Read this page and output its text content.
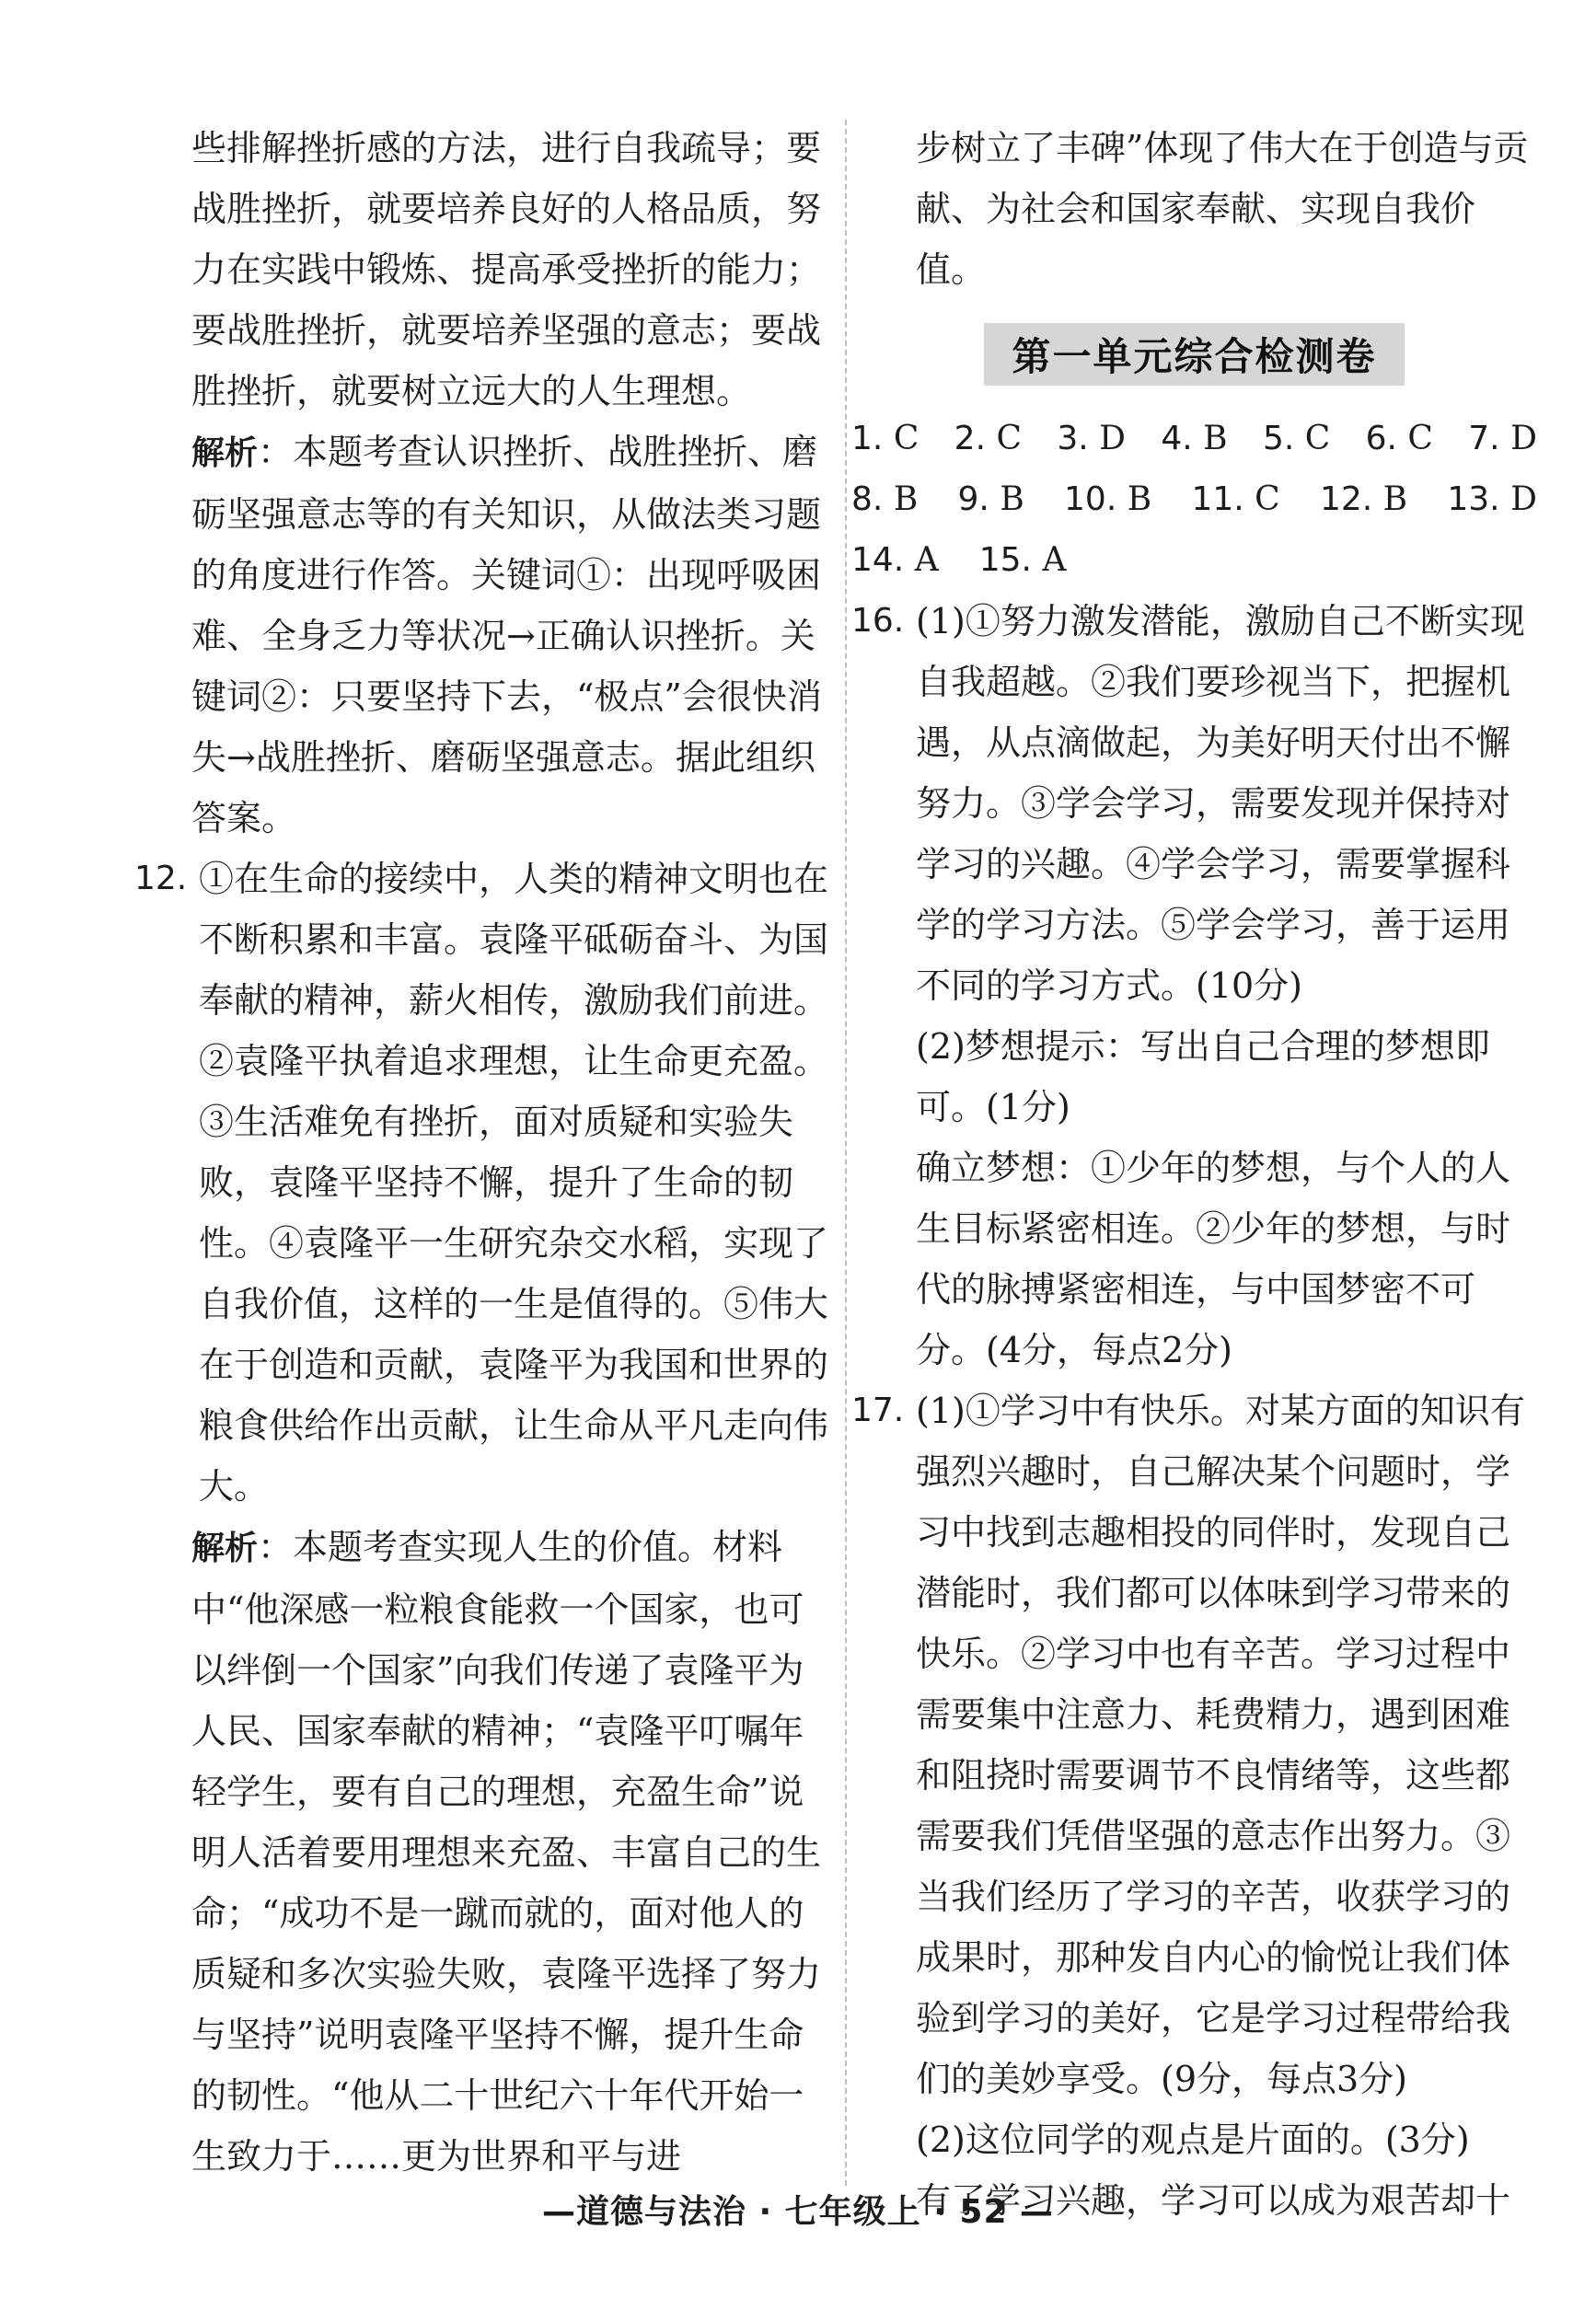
些排解挫折感的方法，进行自我疏导；要战胜挫折，就要培养良好的人格品质，努力在实践中锻炼、提高承受挫折的能力；要战胜挫折，就要培养坚强的意志；要战胜挫折，就要树立远大的人生理想。

解析：本题考查认识挫折、战胜挫折、磨砺坚强意志等的有关知识，从做法类习题的角度进行作答。关键词①：出现呼吸困难、全身乏力等状况→正确认识挫折。关键词②：只要坚持下去，“极点”会很快消失→战胜挫折、磨砺坚强意志。据此组织答案。

12. ①在生命的接续中，人类的精神文明也在不断积累和丰富。袁隆平砥砺奋斗、为国奉献的精神，薪火相传，激励我们前进。②袁隆平执着追求理想，让生命更充盈。③生活难免有挫折，面对质疑和实验失败，袁隆平坚持不懈，提升了生命的韧性。④袁隆平一生研究杂交水稻，实现了自我价值，这样的一生是值得的。⑤伟大在于创造和贡献，袁隆平为我国和世界的粮食供给作出贡献，让生命从平凡走向伟大。

解析：本题考查实现人生的价值。材料中“他深感一粒粮食能救一个国家，也可以绊倒一个国家”向我们传递了袁隆平为人民、国家奉献的精神；“袁隆平叮嘱年轻学生，要有自己的理想，充盈生命”说明人活着要用理想来充盈、丰富自己的生命；“成功不是一蹴而就的，面对他人的质疑和多次实验失败，袁隆平选择了努力与坚持”说明袁隆平坚持不懈，提升生命的韧性。“他从二十世纪六十年代开始一生致力于……更为世界和平与进

步树立了丰碑”体现了伟大在于创造与贡献、为社会和国家奉献、实现自我价值。

第一单元综合检测卷
1. C 2. C 3. D 4. B 5. C 6. C 7. D
8. B 9. B 10. B 11. C 12. B 13. D
14. A 15. A
16. (1)①努力激发潜能，激励自己不断实现自我超越。②我们要珍视当下，把握机遇，从点滴做起，为美好明天付出不懈努力。③学会学习，需要发现并保持对学习的兴趣。④学会学习，需要掌握科学的学习方法。⑤学会学习，善于运用不同的学习方式。(10分)

(2)梦想提示：写出自己合理的梦想即可。(1分)

确立梦想：①少年的梦想，与个人的人生目标紧密相连。②少年的梦想，与时代的脉搏紧密相连，与中国梦密不可分。(4分，每点2分)

17. (1)①学习中有快乐。对某方面的知识有强烈兴趣时，自己解决某个问题时，学习中找到志趣相投的同伴时，发现自己潜能时，我们都可以体味到学习带来的快乐。②学习中也有辛苦。学习过程中需要集中注意力、耗费精力，遇到困难和阻挠时需要调节不良情绪等，这些都需要我们凭借坚强的意志作出努力。③当我们经历了学习的辛苦，收获学习的成果时，那种发自内心的愉悦让我们体验到学习的美好，它是学习过程带给我们的美妙享受。(9分，每点3分)

(2)这位同学的观点是片面的。(3分)

有了学习兴趣，学习可以成为艰苦却十

—道德与法治 · 七年级上 · 52 —
